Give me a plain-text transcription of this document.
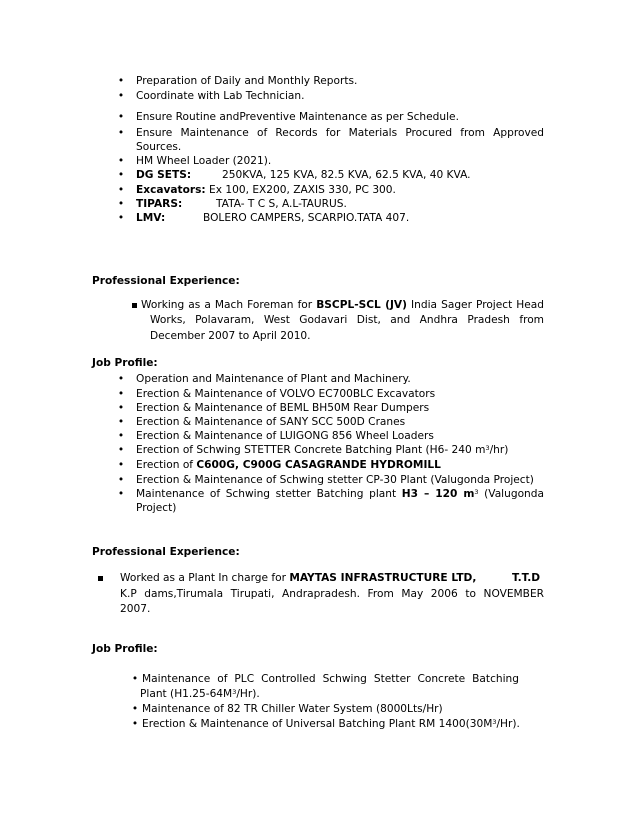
• Preparation of Daily and Monthly Reports.
• Coordinate with Lab Technician.
• Ensure Routine andPreventive Maintenance as per Schedule.
• Ensure Maintenance of Records for Materials Procured from Approved
Sources.
• HM Wheel Loader (2021).
• DG SETS:	250KVA, 125 KVA, 82.5 KVA, 62.5 KVA, 40 KVA.
• Excavators: Ex 100, EX200, ZAXIS 330, PC 300.
• TIPARS:	TATA- T C S, A.L-TAURUS.
• LMV:	BOLERO CAMPERS, SCARPIO.TATA 407.
Professional Experience:
Working as a Mach Foreman for BSCPL-SCL (JV) India Sager Project Head
Works, Polavaram, West Godavari Dist, and Andhra Pradesh from
December 2007 to April 2010.
Job Profile:
• Operation and Maintenance of Plant and Machinery.
• Erection & Maintenance of VOLVO EC700BLC Excavators
• Erection & Maintenance of BEML BH50M Rear Dumpers
• Erection & Maintenance of SANY SCC 500D Cranes
• Erection & Maintenance of LUIGONG 856 Wheel Loaders
• Erection of Schwing STETTER Concrete Batching Plant (H6- 240 $m^3/hr$)
• Erection of C600G, C900G CASAGRANDE HYDROMILL
• Erection & Maintenance of Schwing stetter CP-30 Plant (Valugonda Project)
• Maintenance of Schwing stetter Batching plant H3 – 120 $m^3$ (Valugonda
Project)
Professional Experience:
Worked as a Plant In charge for MAYTAS INFRASTRUCTURE LTD,	T.T.D
K.P dams,Tirumala Tirupati, Andrapradesh. From May 2006 to NOVEMBER
2007.
Job Profile:
• Maintenance of PLC Controlled Schwing Stetter Concrete Batching
Plant $(H1.25-64M^3/Hr)$.
• Maintenance of 82 TR Chiller Water System (8000Lts/Hr)
• Erection & Maintenance of Universal Batching Plant RM $1400(30M^3/Hr)$.
